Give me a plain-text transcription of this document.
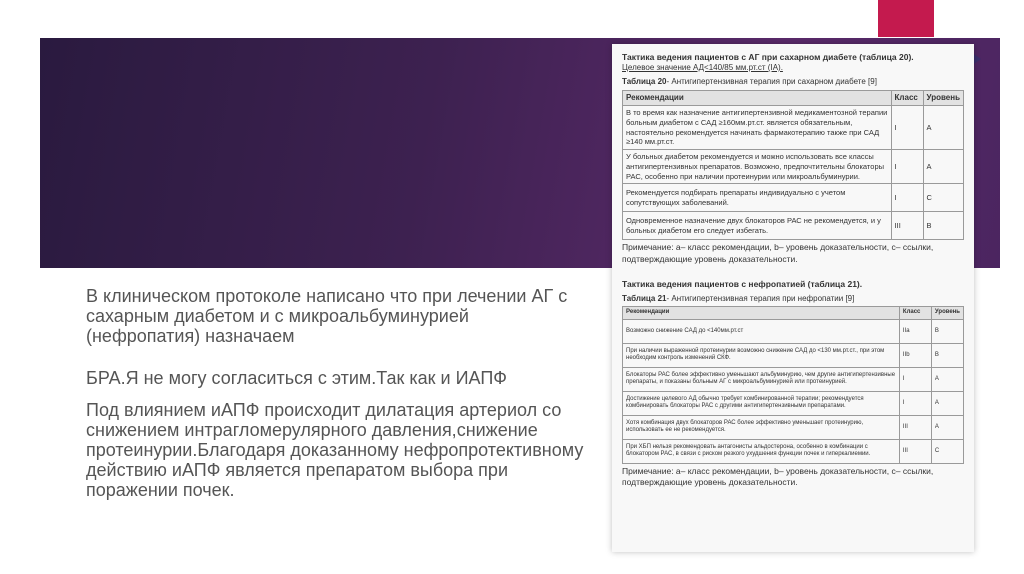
Тактика ведения пациентов с АГ при сахарном диабете (таблица 20).
Целевое значение АД<140/85 мм.рт.ст (IA).
Таблица 20- Антигипертензивная терапия при сахарном диабете [9]
Рекомендации	Класс	Уровень
В то время как назначение антигипертензивной медикаментозной терапии больным диабетом с САД ≥160мм.рт.ст. является обязательным, настоятельно рекомендуется начинать фармакотерапию также при САД ≥140 мм.рт.ст.	I	A
У больных диабетом рекомендуется и можно использовать все классы антигипертензивных препаратов. Возможно, предпочтительны блокаторы РАС, особенно при наличии протеинурии или микроальбуминурии.	I	A
Рекомендуется подбирать препараты индивидуально с учетом сопутствующих заболеваний.	I	C
Одновременное назначение двух блокаторов РАС не рекомендуется, и у больных диабетом его следует избегать.	III	B
Примечание: а– класс рекомендации, b– уровень доказательности, с– ссылки, подтверждающие уровень доказательности.
Тактика ведения пациентов с нефропатией (таблица 21).
Таблица 21- Антигипертензивная терапия при нефропатии [9]
Рекомендации	Класс	Уровень
Возможно снижение САД до <140мм.рт.ст	IIa	B
При наличии выраженной протеинурии возможно снижение САД до <130 мм.рт.ст., при этом необходим контроль изменений СКФ.	IIb	B
Блокаторы РАС более эффективно уменьшают альбуминурию, чем другие антигипертензивные препараты, и показаны больным АГ с микроальбуминурией или протеинурией.	I	A
Достижение целевого АД обычно требует комбинированной терапии; рекомендуется комбинировать блокаторы РАС с другими антигипертензивными препаратами.	I	A
Хотя комбинация двух блокаторов РАС более эффективно уменьшает протеинурию, использовать ее не рекомендуется.	III	A
При ХБП нельзя рекомендовать антагонисты альдостерона, особенно в комбинации с блокатором РАС, в связи с риском резкого ухудшения функции почек и гиперкалиемии.	III	C
Примечание: а– класс рекомендации, b– уровень доказательности, с– ссылки, подтверждающие уровень доказательности.
В клиническом протоколе написано что при лечении АГ с сахарным диабетом и с микроальбуминурией (нефропатия) назначаем
БРА.Я не могу согласиться с этим.Так как и ИАПФ
Под влиянием иАПФ происходит дилатация артериол со снижением интрагломерулярного давления,снижение протеинурии.Благодаря доказанному нефропротективному действию иАПФ является препаратом выбора при поражении почек.
